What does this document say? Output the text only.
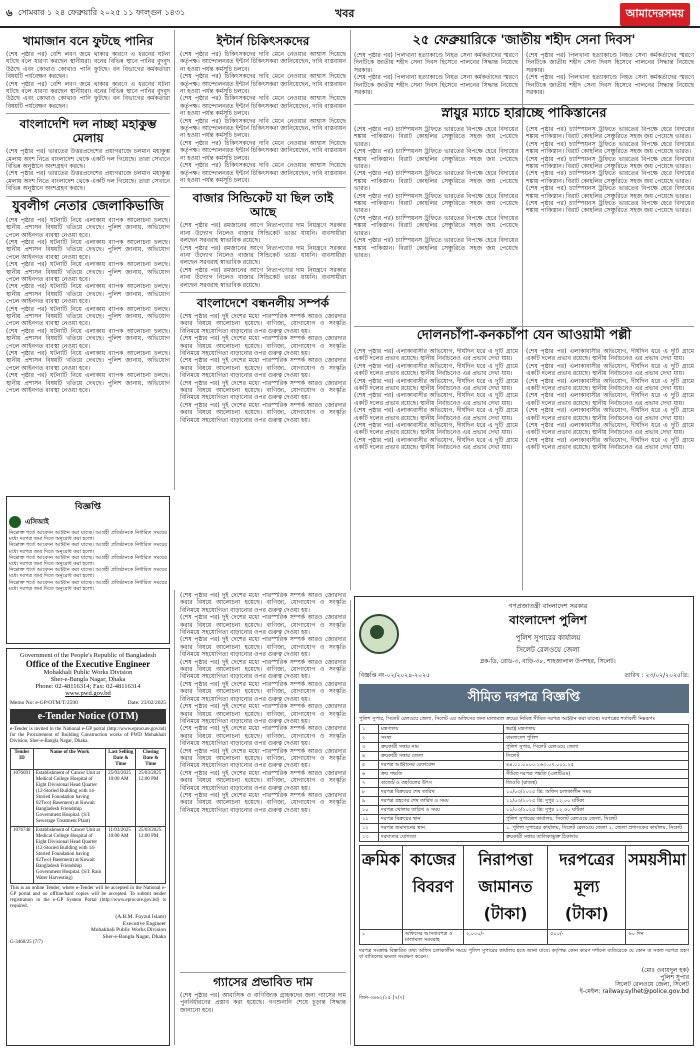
৬ সোমবার ১ ২৪ ফেব্রুয়ারি ২০২৫ ১১ ফাল্গুন ১৪৩১	খবর	আমাদেরসময়
খামাজান বনে ফুটছে পানির
(শেষ পৃষ্ঠার পর) বেশি লবণ জমে থাকার কারণে এ ধরনের ঘটনা ঘটছে বলে ধারণা করছেন স্থানীয়রা। বনের বিভিন্ন স্থানে পানির বুদবুদ উঠছে এবং কোথাও কোথাও পানি ফুটছে। বন বিভাগের কর্মকর্তারা বিষয়টি পর্যবেক্ষণ করছেন।
(শেষ পৃষ্ঠার পর) বেশি লবণ জমে থাকার কারণে এ ধরনের ঘটনা ঘটছে বলে ধারণা করছেন স্থানীয়রা। বনের বিভিন্ন স্থানে পানির বুদবুদ উঠছে এবং কোথাও কোথাও পানি ফুটছে। বন বিভাগের কর্মকর্তারা বিষয়টি পর্যবেক্ষণ করছেন।
বাংলাদেশি দল নাচ্ছা মহাকুম্ভ মেলায়
(শেষ পৃষ্ঠার পর) ভারতের উত্তরপ্রদেশের প্রয়াগরাজে চলমান মহাকুম্ভ মেলায় অংশ নিতে বাংলাদেশ থেকে একটি দল গিয়েছে। তারা সেখানে বিভিন্ন অনুষ্ঠানে অংশগ্রহণ করছে।
(শেষ পৃষ্ঠার পর) ভারতের উত্তরপ্রদেশের প্রয়াগরাজে চলমান মহাকুম্ভ মেলায় অংশ নিতে বাংলাদেশ থেকে একটি দল গিয়েছে। তারা সেখানে বিভিন্ন অনুষ্ঠানে অংশগ্রহণ করছে।
যুবলীগ নেতার জেলাকিভাজি
(শেষ পৃষ্ঠার পর) ঘটনাটি নিয়ে এলাকায় ব্যাপক আলোচনা চলছে। স্থানীয় প্রশাসন বিষয়টি খতিয়ে দেখছে। পুলিশ জানায়, অভিযোগ পেলে আইনগত ব্যবস্থা নেওয়া হবে।
(শেষ পৃষ্ঠার পর) ঘটনাটি নিয়ে এলাকায় ব্যাপক আলোচনা চলছে। স্থানীয় প্রশাসন বিষয়টি খতিয়ে দেখছে। পুলিশ জানায়, অভিযোগ পেলে আইনগত ব্যবস্থা নেওয়া হবে।
(শেষ পৃষ্ঠার পর) ঘটনাটি নিয়ে এলাকায় ব্যাপক আলোচনা চলছে। স্থানীয় প্রশাসন বিষয়টি খতিয়ে দেখছে। পুলিশ জানায়, অভিযোগ পেলে আইনগত ব্যবস্থা নেওয়া হবে।
(শেষ পৃষ্ঠার পর) ঘটনাটি নিয়ে এলাকায় ব্যাপক আলোচনা চলছে। স্থানীয় প্রশাসন বিষয়টি খতিয়ে দেখছে। পুলিশ জানায়, অভিযোগ পেলে আইনগত ব্যবস্থা নেওয়া হবে।
(শেষ পৃষ্ঠার পর) ঘটনাটি নিয়ে এলাকায় ব্যাপক আলোচনা চলছে। স্থানীয় প্রশাসন বিষয়টি খতিয়ে দেখছে। পুলিশ জানায়, অভিযোগ পেলে আইনগত ব্যবস্থা নেওয়া হবে।
(শেষ পৃষ্ঠার পর) ঘটনাটি নিয়ে এলাকায় ব্যাপক আলোচনা চলছে। স্থানীয় প্রশাসন বিষয়টি খতিয়ে দেখছে। পুলিশ জানায়, অভিযোগ পেলে আইনগত ব্যবস্থা নেওয়া হবে।
(শেষ পৃষ্ঠার পর) ঘটনাটি নিয়ে এলাকায় ব্যাপক আলোচনা চলছে। স্থানীয় প্রশাসন বিষয়টি খতিয়ে দেখছে। পুলিশ জানায়, অভিযোগ পেলে আইনগত ব্যবস্থা নেওয়া হবে।
(শেষ পৃষ্ঠার পর) ঘটনাটি নিয়ে এলাকায় ব্যাপক আলোচনা চলছে। স্থানীয় প্রশাসন বিষয়টি খতিয়ে দেখছে। পুলিশ জানায়, অভিযোগ পেলে আইনগত ব্যবস্থা নেওয়া হবে।
ইন্টার্ন চিকিৎসকদের
(শেষ পৃষ্ঠার পর) চিকিৎসকদের দাবি মেনে নেওয়ার আশ্বাস দিয়েছে কর্তৃপক্ষ। আন্দোলনরত ইন্টার্ন চিকিৎসকরা জানিয়েছেন, দাবি বাস্তবায়ন না হওয়া পর্যন্ত কর্মসূচি চলবে।
(শেষ পৃষ্ঠার পর) চিকিৎসকদের দাবি মেনে নেওয়ার আশ্বাস দিয়েছে কর্তৃপক্ষ। আন্দোলনরত ইন্টার্ন চিকিৎসকরা জানিয়েছেন, দাবি বাস্তবায়ন না হওয়া পর্যন্ত কর্মসূচি চলবে।
(শেষ পৃষ্ঠার পর) চিকিৎসকদের দাবি মেনে নেওয়ার আশ্বাস দিয়েছে কর্তৃপক্ষ। আন্দোলনরত ইন্টার্ন চিকিৎসকরা জানিয়েছেন, দাবি বাস্তবায়ন না হওয়া পর্যন্ত কর্মসূচি চলবে।
(শেষ পৃষ্ঠার পর) চিকিৎসকদের দাবি মেনে নেওয়ার আশ্বাস দিয়েছে কর্তৃপক্ষ। আন্দোলনরত ইন্টার্ন চিকিৎসকরা জানিয়েছেন, দাবি বাস্তবায়ন না হওয়া পর্যন্ত কর্মসূচি চলবে।
(শেষ পৃষ্ঠার পর) চিকিৎসকদের দাবি মেনে নেওয়ার আশ্বাস দিয়েছে কর্তৃপক্ষ। আন্দোলনরত ইন্টার্ন চিকিৎসকরা জানিয়েছেন, দাবি বাস্তবায়ন না হওয়া পর্যন্ত কর্মসূচি চলবে।
(শেষ পৃষ্ঠার পর) চিকিৎসকদের দাবি মেনে নেওয়ার আশ্বাস দিয়েছে কর্তৃপক্ষ। আন্দোলনরত ইন্টার্ন চিকিৎসকরা জানিয়েছেন, দাবি বাস্তবায়ন না হওয়া পর্যন্ত কর্মসূচি চলবে।
বাজার সিন্ডিকেট যা ছিল তাই আছে
(শেষ পৃষ্ঠার পর) রমজানের আগে নিত্যপণ্যের দাম নিয়ন্ত্রণে সরকার নানা উদ্যোগ নিলেও বাজার সিন্ডিকেট ভাঙা যায়নি। ব্যবসায়ীরা বলছেন সরবরাহ স্বাভাবিক রয়েছে।
(শেষ পৃষ্ঠার পর) রমজানের আগে নিত্যপণ্যের দাম নিয়ন্ত্রণে সরকার নানা উদ্যোগ নিলেও বাজার সিন্ডিকেট ভাঙা যায়নি। ব্যবসায়ীরা বলছেন সরবরাহ স্বাভাবিক রয়েছে।
(শেষ পৃষ্ঠার পর) রমজানের আগে নিত্যপণ্যের দাম নিয়ন্ত্রণে সরকার নানা উদ্যোগ নিলেও বাজার সিন্ডিকেট ভাঙা যায়নি। ব্যবসায়ীরা বলছেন সরবরাহ স্বাভাবিক রয়েছে।
বাংলাদেশে বন্ধনলীয় সম্পর্ক
(শেষ পৃষ্ঠার পর) দুই দেশের মধ্যে পারস্পরিক সম্পর্ক আরও জোরদার করার বিষয়ে আলোচনা হয়েছে। বাণিজ্য, যোগাযোগ ও সংস্কৃতি বিনিময়ে সহযোগিতা বাড়ানোর ওপর গুরুত্ব দেওয়া হয়।
(শেষ পৃষ্ঠার পর) দুই দেশের মধ্যে পারস্পরিক সম্পর্ক আরও জোরদার করার বিষয়ে আলোচনা হয়েছে। বাণিজ্য, যোগাযোগ ও সংস্কৃতি বিনিময়ে সহযোগিতা বাড়ানোর ওপর গুরুত্ব দেওয়া হয়।
(শেষ পৃষ্ঠার পর) দুই দেশের মধ্যে পারস্পরিক সম্পর্ক আরও জোরদার করার বিষয়ে আলোচনা হয়েছে। বাণিজ্য, যোগাযোগ ও সংস্কৃতি বিনিময়ে সহযোগিতা বাড়ানোর ওপর গুরুত্ব দেওয়া হয়।
(শেষ পৃষ্ঠার পর) দুই দেশের মধ্যে পারস্পরিক সম্পর্ক আরও জোরদার করার বিষয়ে আলোচনা হয়েছে। বাণিজ্য, যোগাযোগ ও সংস্কৃতি বিনিময়ে সহযোগিতা বাড়ানোর ওপর গুরুত্ব দেওয়া হয়।
(শেষ পৃষ্ঠার পর) দুই দেশের মধ্যে পারস্পরিক সম্পর্ক আরও জোরদার করার বিষয়ে আলোচনা হয়েছে। বাণিজ্য, যোগাযোগ ও সংস্কৃতি বিনিময়ে সহযোগিতা বাড়ানোর ওপর গুরুত্ব দেওয়া হয়।
২৫ ফেব্রুয়ারিকে 'জাতীয় শহীদ সেনা দিবস'
(শেষ পৃষ্ঠার পর) পিলখানা হত্যাকাণ্ডে নিহত সেনা কর্মকর্তাদের স্মরণে দিনটিকে জাতীয় শহীদ সেনা দিবস হিসেবে পালনের সিদ্ধান্ত নিয়েছে সরকার।
(শেষ পৃষ্ঠার পর) পিলখানা হত্যাকাণ্ডে নিহত সেনা কর্মকর্তাদের স্মরণে দিনটিকে জাতীয় শহীদ সেনা দিবস হিসেবে পালনের সিদ্ধান্ত নিয়েছে সরকার।
(শেষ পৃষ্ঠার পর) পিলখানা হত্যাকাণ্ডে নিহত সেনা কর্মকর্তাদের স্মরণে দিনটিকে জাতীয় শহীদ সেনা দিবস হিসেবে পালনের সিদ্ধান্ত নিয়েছে সরকার।
(শেষ পৃষ্ঠার পর) পিলখানা হত্যাকাণ্ডে নিহত সেনা কর্মকর্তাদের স্মরণে দিনটিকে জাতীয় শহীদ সেনা দিবস হিসেবে পালনের সিদ্ধান্ত নিয়েছে সরকার।
স্নায়ুর ম্যাচে হারাচ্ছে পাকিস্তানের
(শেষ পৃষ্ঠার পর) চ্যাম্পিয়নস ট্রফিতে ভারতের বিপক্ষে হেরে বিদায়ের শঙ্কায় পাকিস্তান। বিরাট কোহলির সেঞ্চুরিতে সহজ জয় পেয়েছে ভারত।
(শেষ পৃষ্ঠার পর) চ্যাম্পিয়নস ট্রফিতে ভারতের বিপক্ষে হেরে বিদায়ের শঙ্কায় পাকিস্তান। বিরাট কোহলির সেঞ্চুরিতে সহজ জয় পেয়েছে ভারত।
(শেষ পৃষ্ঠার পর) চ্যাম্পিয়নস ট্রফিতে ভারতের বিপক্ষে হেরে বিদায়ের শঙ্কায় পাকিস্তান। বিরাট কোহলির সেঞ্চুরিতে সহজ জয় পেয়েছে ভারত।
(শেষ পৃষ্ঠার পর) চ্যাম্পিয়নস ট্রফিতে ভারতের বিপক্ষে হেরে বিদায়ের শঙ্কায় পাকিস্তান। বিরাট কোহলির সেঞ্চুরিতে সহজ জয় পেয়েছে ভারত।
(শেষ পৃষ্ঠার পর) চ্যাম্পিয়নস ট্রফিতে ভারতের বিপক্ষে হেরে বিদায়ের শঙ্কায় পাকিস্তান। বিরাট কোহলির সেঞ্চুরিতে সহজ জয় পেয়েছে ভারত।
(শেষ পৃষ্ঠার পর) চ্যাম্পিয়নস ট্রফিতে ভারতের বিপক্ষে হেরে বিদায়ের শঙ্কায় পাকিস্তান। বিরাট কোহলির সেঞ্চুরিতে সহজ জয় পেয়েছে ভারত।
(শেষ পৃষ্ঠার পর) চ্যাম্পিয়নস ট্রফিতে ভারতের বিপক্ষে হেরে বিদায়ের শঙ্কায় পাকিস্তান। বিরাট কোহলির সেঞ্চুরিতে সহজ জয় পেয়েছে ভারত।
(শেষ পৃষ্ঠার পর) চ্যাম্পিয়নস ট্রফিতে ভারতের বিপক্ষে হেরে বিদায়ের শঙ্কায় পাকিস্তান। বিরাট কোহলির সেঞ্চুরিতে সহজ জয় পেয়েছে ভারত।
(শেষ পৃষ্ঠার পর) চ্যাম্পিয়নস ট্রফিতে ভারতের বিপক্ষে হেরে বিদায়ের শঙ্কায় পাকিস্তান। বিরাট কোহলির সেঞ্চুরিতে সহজ জয় পেয়েছে ভারত।
(শেষ পৃষ্ঠার পর) চ্যাম্পিয়নস ট্রফিতে ভারতের বিপক্ষে হেরে বিদায়ের শঙ্কায় পাকিস্তান। বিরাট কোহলির সেঞ্চুরিতে সহজ জয় পেয়েছে ভারত।
(শেষ পৃষ্ঠার পর) চ্যাম্পিয়নস ট্রফিতে ভারতের বিপক্ষে হেরে বিদায়ের শঙ্কায় পাকিস্তান। বিরাট কোহলির সেঞ্চুরিতে সহজ জয় পেয়েছে ভারত।
(শেষ পৃষ্ঠার পর) চ্যাম্পিয়নস ট্রফিতে ভারতের বিপক্ষে হেরে বিদায়ের শঙ্কায় পাকিস্তান। বিরাট কোহলির সেঞ্চুরিতে সহজ জয় পেয়েছে ভারত।
দোলনচাঁপা-কনকচাঁপা যেন আওয়ামী পল্লী
(শেষ পৃষ্ঠার পর) এলাকাবাসীর অভিযোগ, দীর্ঘদিন ধরে এ দুটি গ্রামে একটি দলের প্রভাব রয়েছে। স্থানীয় নির্বাচনেও এর প্রভাব দেখা যায়।
(শেষ পৃষ্ঠার পর) এলাকাবাসীর অভিযোগ, দীর্ঘদিন ধরে এ দুটি গ্রামে একটি দলের প্রভাব রয়েছে। স্থানীয় নির্বাচনেও এর প্রভাব দেখা যায়।
(শেষ পৃষ্ঠার পর) এলাকাবাসীর অভিযোগ, দীর্ঘদিন ধরে এ দুটি গ্রামে একটি দলের প্রভাব রয়েছে। স্থানীয় নির্বাচনেও এর প্রভাব দেখা যায়।
(শেষ পৃষ্ঠার পর) এলাকাবাসীর অভিযোগ, দীর্ঘদিন ধরে এ দুটি গ্রামে একটি দলের প্রভাব রয়েছে। স্থানীয় নির্বাচনেও এর প্রভাব দেখা যায়।
(শেষ পৃষ্ঠার পর) এলাকাবাসীর অভিযোগ, দীর্ঘদিন ধরে এ দুটি গ্রামে একটি দলের প্রভাব রয়েছে। স্থানীয় নির্বাচনেও এর প্রভাব দেখা যায়।
(শেষ পৃষ্ঠার পর) এলাকাবাসীর অভিযোগ, দীর্ঘদিন ধরে এ দুটি গ্রামে একটি দলের প্রভাব রয়েছে। স্থানীয় নির্বাচনেও এর প্রভাব দেখা যায়।
(শেষ পৃষ্ঠার পর) এলাকাবাসীর অভিযোগ, দীর্ঘদিন ধরে এ দুটি গ্রামে একটি দলের প্রভাব রয়েছে। স্থানীয় নির্বাচনেও এর প্রভাব দেখা যায়।
(শেষ পৃষ্ঠার পর) এলাকাবাসীর অভিযোগ, দীর্ঘদিন ধরে এ দুটি গ্রামে একটি দলের প্রভাব রয়েছে। স্থানীয় নির্বাচনেও এর প্রভাব দেখা যায়।
(শেষ পৃষ্ঠার পর) এলাকাবাসীর অভিযোগ, দীর্ঘদিন ধরে এ দুটি গ্রামে একটি দলের প্রভাব রয়েছে। স্থানীয় নির্বাচনেও এর প্রভাব দেখা যায়।
(শেষ পৃষ্ঠার পর) এলাকাবাসীর অভিযোগ, দীর্ঘদিন ধরে এ দুটি গ্রামে একটি দলের প্রভাব রয়েছে। স্থানীয় নির্বাচনেও এর প্রভাব দেখা যায়।
(শেষ পৃষ্ঠার পর) এলাকাবাসীর অভিযোগ, দীর্ঘদিন ধরে এ দুটি গ্রামে একটি দলের প্রভাব রয়েছে। স্থানীয় নির্বাচনেও এর প্রভাব দেখা যায়।
(শেষ পৃষ্ঠার পর) এলাকাবাসীর অভিযোগ, দীর্ঘদিন ধরে এ দুটি গ্রামে একটি দলের প্রভাব রয়েছে। স্থানীয় নির্বাচনেও এর প্রভাব দেখা যায়।
(শেষ পৃষ্ঠার পর) এলাকাবাসীর অভিযোগ, দীর্ঘদিন ধরে এ দুটি গ্রামে একটি দলের প্রভাব রয়েছে। স্থানীয় নির্বাচনেও এর প্রভাব দেখা যায়।
(শেষ পৃষ্ঠার পর) এলাকাবাসীর অভিযোগ, দীর্ঘদিন ধরে এ দুটি গ্রামে একটি দলের প্রভাব রয়েছে। স্থানীয় নির্বাচনেও এর প্রভাব দেখা যায়।
বিজ্ঞপ্তি
এসিআই
নিম্নোক্ত শর্তে আবেদন আহ্বান করা যাচ্ছে। আগ্রহী প্রতিষ্ঠানকে নির্ধারিত সময়ের মধ্যে দরপত্র জমা দিতে অনুরোধ করা হলো।
নিম্নোক্ত শর্তে আবেদন আহ্বান করা যাচ্ছে। আগ্রহী প্রতিষ্ঠানকে নির্ধারিত সময়ের মধ্যে দরপত্র জমা দিতে অনুরোধ করা হলো।
নিম্নোক্ত শর্তে আবেদন আহ্বান করা যাচ্ছে। আগ্রহী প্রতিষ্ঠানকে নির্ধারিত সময়ের মধ্যে দরপত্র জমা দিতে অনুরোধ করা হলো।
নিম্নোক্ত শর্তে আবেদন আহ্বান করা যাচ্ছে। আগ্রহী প্রতিষ্ঠানকে নির্ধারিত সময়ের মধ্যে দরপত্র জমা দিতে অনুরোধ করা হলো।
নিম্নোক্ত শর্তে আবেদন আহ্বান করা যাচ্ছে। আগ্রহী প্রতিষ্ঠানকে নির্ধারিত সময়ের মধ্যে দরপত্র জমা দিতে অনুরোধ করা হলো।
Government of the People's Republic of Bangladesh
Office of the Executive Engineer
Mohakhali Public Works Division
Sher-e-Bangla Nagar, Dhaka
Phone: 02-48116314; Fax: 02-48116314
www.pwd.gov.bd
Memo No: e-GP/OTM/T/2590	Date: 23/02/2025
e-Tender Notice (OTM)
e-Tender is invited in the National e-GP portal (http://www.eprocure.gov.bd) for the Procurement of Building Construction works of PWD Mohakhali Division, Sher-e-Bangla Nagar, Dhaka.
Tender ID	Name of the Work	Last Selling Date & Time	Closing Date & Time
1076691	Establishment of Cancer Unit at Medical College Hospital of Eight Divisional Head Quarter (12-Storied Building with 14-Storied Foundation having 02Two) Basement) at Kuwait Bangladesh Friendship Government Hospital. (S/I: Sewerage Treatment Plant)	25/03/2025 10:00 AM	25/03/2025 12:00 PM
1076748	Establishment of Cancer Unit at Medical College Hospital of Eight Divisional Head Quarter (12-Storied Building with 14-Storied Foundation having 02Two) Basement) at Kuwait Bangladesh Friendship Government Hospital. (S/I: Rain Water Harvesting)	11/03/2025 10:00 AM	25/03/2025 12:00 PM
This is an online Tender, where e-Tender will be accepted in the National e-GP portal and no offline/hard copies will be accepted. To submit tender registration in the e-GP System Portal (http://www.eprocure.gov.bd) is required.
(A.B.M. Foyzul Islam)
Executive Engineer
Mohakhali Public Works Division
Sher-e-Bangla Nagar, Dhaka
G-3460/25 (7/7)
গ্যাসের প্রভাবিত দাম
(শেষ পৃষ্ঠার পর) আবাসিক ও বাণিজ্যিক গ্রাহকদের জন্য গ্যাসের দাম পুনর্নির্ধারণের প্রস্তাব করা হয়েছে। গণশুনানি শেষে চূড়ান্ত সিদ্ধান্ত জানানো হবে।
(শেষ পৃষ্ঠার পর) দুই দেশের মধ্যে পারস্পরিক সম্পর্ক আরও জোরদার করার বিষয়ে আলোচনা হয়েছে। বাণিজ্য, যোগাযোগ ও সংস্কৃতি বিনিময়ে সহযোগিতা বাড়ানোর ওপর গুরুত্ব দেওয়া হয়।
(শেষ পৃষ্ঠার পর) দুই দেশের মধ্যে পারস্পরিক সম্পর্ক আরও জোরদার করার বিষয়ে আলোচনা হয়েছে। বাণিজ্য, যোগাযোগ ও সংস্কৃতি বিনিময়ে সহযোগিতা বাড়ানোর ওপর গুরুত্ব দেওয়া হয়।
(শেষ পৃষ্ঠার পর) দুই দেশের মধ্যে পারস্পরিক সম্পর্ক আরও জোরদার করার বিষয়ে আলোচনা হয়েছে। বাণিজ্য, যোগাযোগ ও সংস্কৃতি বিনিময়ে সহযোগিতা বাড়ানোর ওপর গুরুত্ব দেওয়া হয়।
(শেষ পৃষ্ঠার পর) দুই দেশের মধ্যে পারস্পরিক সম্পর্ক আরও জোরদার করার বিষয়ে আলোচনা হয়েছে। বাণিজ্য, যোগাযোগ ও সংস্কৃতি বিনিময়ে সহযোগিতা বাড়ানোর ওপর গুরুত্ব দেওয়া হয়।
(শেষ পৃষ্ঠার পর) দুই দেশের মধ্যে পারস্পরিক সম্পর্ক আরও জোরদার করার বিষয়ে আলোচনা হয়েছে। বাণিজ্য, যোগাযোগ ও সংস্কৃতি বিনিময়ে সহযোগিতা বাড়ানোর ওপর গুরুত্ব দেওয়া হয়।
(শেষ পৃষ্ঠার পর) দুই দেশের মধ্যে পারস্পরিক সম্পর্ক আরও জোরদার করার বিষয়ে আলোচনা হয়েছে। বাণিজ্য, যোগাযোগ ও সংস্কৃতি বিনিময়ে সহযোগিতা বাড়ানোর ওপর গুরুত্ব দেওয়া হয়।
(শেষ পৃষ্ঠার পর) দুই দেশের মধ্যে পারস্পরিক সম্পর্ক আরও জোরদার করার বিষয়ে আলোচনা হয়েছে। বাণিজ্য, যোগাযোগ ও সংস্কৃতি বিনিময়ে সহযোগিতা বাড়ানোর ওপর গুরুত্ব দেওয়া হয়।
(শেষ পৃষ্ঠার পর) দুই দেশের মধ্যে পারস্পরিক সম্পর্ক আরও জোরদার করার বিষয়ে আলোচনা হয়েছে। বাণিজ্য, যোগাযোগ ও সংস্কৃতি বিনিময়ে সহযোগিতা বাড়ানোর ওপর গুরুত্ব দেওয়া হয়।
(শেষ পৃষ্ঠার পর) দুই দেশের মধ্যে পারস্পরিক সম্পর্ক আরও জোরদার করার বিষয়ে আলোচনা হয়েছে। বাণিজ্য, যোগাযোগ ও সংস্কৃতি বিনিময়ে সহযোগিতা বাড়ানোর ওপর গুরুত্ব দেওয়া হয়।
(শেষ পৃষ্ঠার পর) দুই দেশের মধ্যে পারস্পরিক সম্পর্ক আরও জোরদার করার বিষয়ে আলোচনা হয়েছে। বাণিজ্য, যোগাযোগ ও সংস্কৃতি বিনিময়ে সহযোগিতা বাড়ানোর ওপর গুরুত্ব দেওয়া হয়।
গণপ্রজাতন্ত্রী বাংলাদেশ সরকার
বাংলাদেশ পুলিশ
পুলিশ সুপারের কার্যালয়
সিলেট রেলওয়ে জেলা
ব্লক-ডি, রোড-৩, বাড়ি-৩৮, শাহজালাল উপশহর, সিলেট।
বিজ্ঞপ্তি নং-০২/২০২৪-২০২৫	তারিখ : ২৩/০২/২০২৫খ্রি:
সীমিত দরপত্র বিজ্ঞপ্তি
পুলিশ সুপার, সিলেট রেলওয়ে জেলা, সিলেট এর অফিসের জন্য মালামাল ক্রয়ের নিমিত্ত সীমিত দরপত্র আহ্বান করা যাচ্ছে। দরপত্রের শর্তাবলী নিম্নরূপঃ
১	মন্ত্রণালয়	স্বরাষ্ট্র মন্ত্রণালয়
২	সংস্থা	বাংলাদেশ পুলিশ
৩	ক্রয়কারী সত্তার নাম	পুলিশ সুপার, সিলেট রেলওয়ে জেলা
৪	ক্রয়কারী সত্তার জেলা	সিলেট
৫	দরপত্র আহ্বানের রেফারেন্স	৪৪.০১.০০০০.১৬৩.০৭.০০১.২৫
৬	ক্রয় পদ্ধতি	সীমিত দরপত্র পদ্ধতি (এলটিএম)
৭	বাজেট ও তহবিলের উৎস	জিওবি (রাজস্ব)
৮	দরপত্র বিক্রয়ের শেষ তারিখ	১০/০৩/২০২৫ খ্রি: অফিস চলাকালীন সময়
৯	দরপত্র গ্রহণের শেষ তারিখ ও সময়	১১/০৩/২০২৫ খ্রি: দুপুর ১২.০০ ঘটিকা
১০	দরপত্র খোলার তারিখ ও সময়	১১/০৩/২০২৫ খ্রি: দুপুর ১২.৩০ ঘটিকা
১১	দরপত্র বিক্রয়ের স্থান	পুলিশ সুপারের কার্যালয়, সিলেট রেলওয়ে জেলা, সিলেট
১২	দরপত্র জমাদানের স্থান	১. পুলিশ সুপারের কার্যালয়, সিলেট রেলওয়ে জেলা ২. জেলা প্রশাসকের কার্যালয়, সিলেট
১৩	দরদাতার যোগ্যতা	ক্রয়কারী সত্তার তালিকাভুক্ত ঠিকাদার
ক্রমিক	কাজের বিবরণ	নিরাপত্তা জামানত (টাকা)	দরপত্রের মূল্য (টাকা)	সময়সীমা
১	অফিসের আসবাবপত্র ও মালামাল সরবরাহ	২,০০০/-	৫০০/-	৬০ দিন
দরপত্র সংক্রান্ত বিস্তারিত তথ্য অফিস চলাকালীন সময়ে পুলিশ সুপারের কার্যালয় হতে জানা যাবে। কর্তৃপক্ষ কোন কারণ দর্শানো ব্যতিরেকে যে কোন বা সকল দরপত্র গ্রহণ বা বাতিলের ক্ষমতা সংরক্ষণ করেন।
(মোঃ ওবায়দুল হক)
পুলিশ সুপার
সিলেট রেলওয়ে জেলা, সিলেট
ই-মেইল: railway.sylhet@police.gov.bd
জিন-৩৪৬২/২৫ (৭/৭)
